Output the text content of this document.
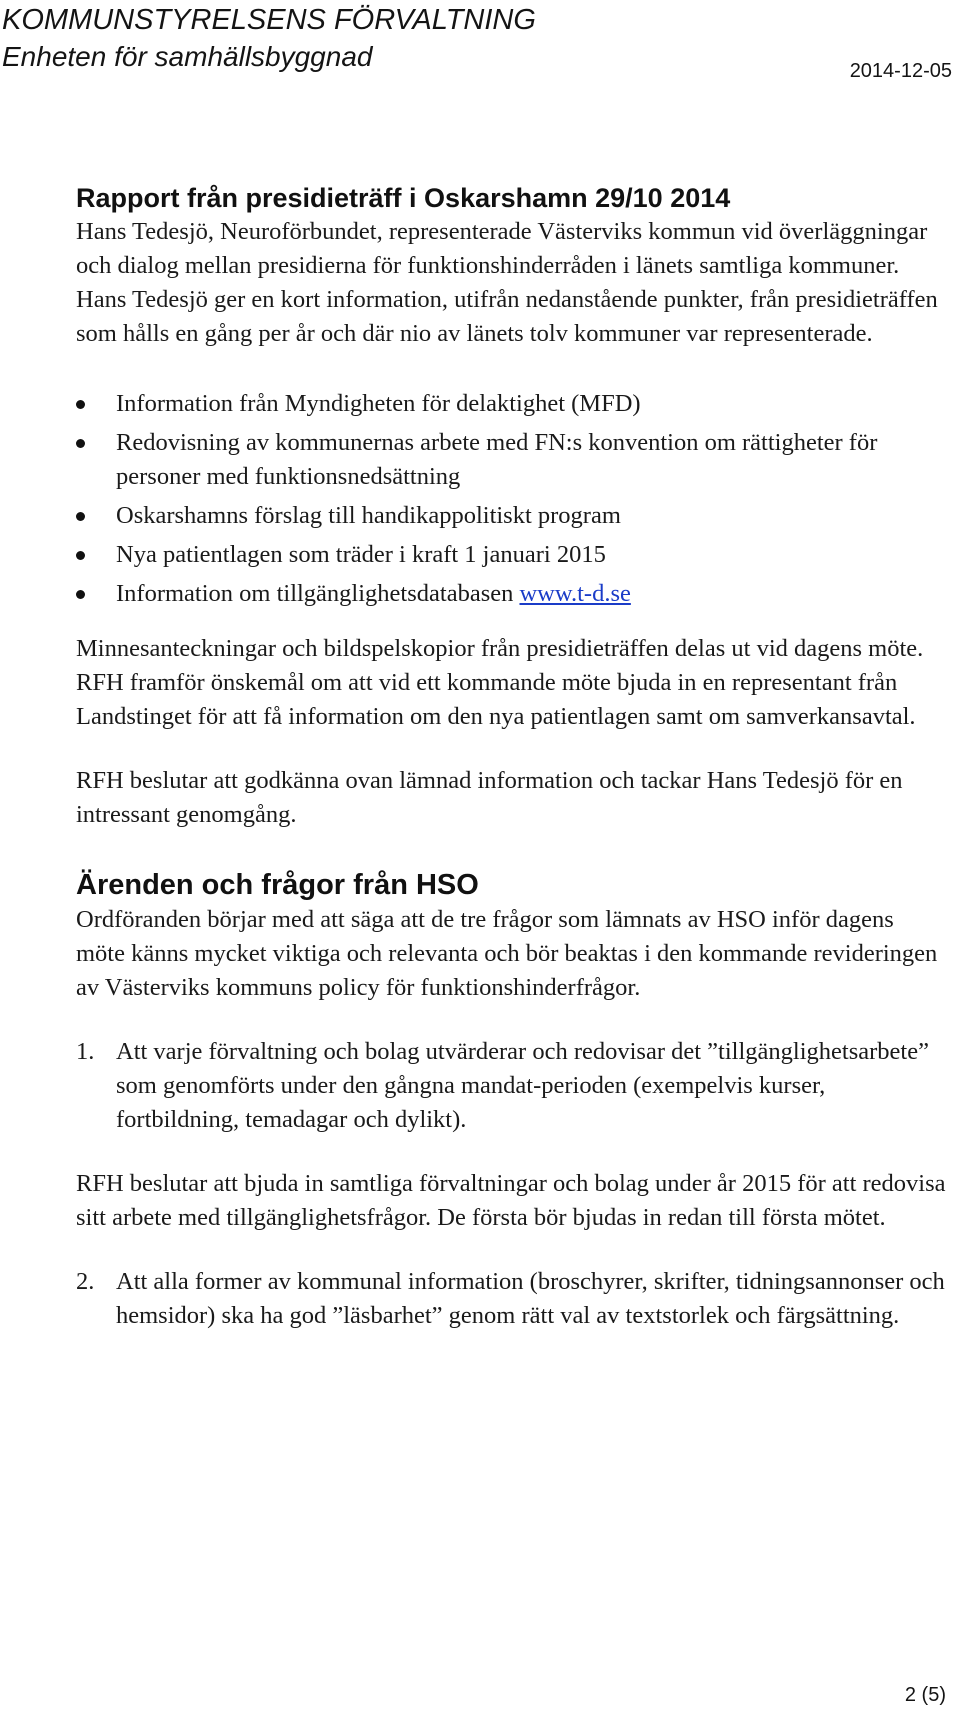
KOMMUNSTYRELSENS FÖRVALTNING
Enheten för samhällsbyggnad	2014-12-05
Rapport från presidieträff i Oskarshamn 29/10 2014

Hans Tedesjö, Neuroförbundet, representerade Västerviks kommun vid överläggningar och dialog mellan presidierna för funktionshinderråden i länets samtliga kommuner. Hans Tedesjö ger en kort information, utifrån nedanstående punkter, från presidieträffen som hålls en gång per år och där nio av länets tolv kommuner var representerade.

Information från Myndigheten för delaktighet (MFD)
Redovisning av kommunernas arbete med FN:s konvention om rättigheter för personer med funktionsnedsättning
Oskarshamns förslag till handikappolitiskt program
Nya patientlagen som träder i kraft 1 januari 2015
Information om tillgänglighetsdatabasen www.t-d.se

Minnesanteckningar och bildspelskopior från presidieträffen delas ut vid dagens möte. RFH framför önskemål om att vid ett kommande möte bjuda in en representant från Landstinget för att få information om den nya patientlagen samt om samverkansavtal.

RFH beslutar att godkänna ovan lämnad information och tackar Hans Tedesjö för en intressant genomgång.

Ärenden och frågor från HSO

Ordföranden börjar med att säga att de tre frågor som lämnats av HSO inför dagens möte känns mycket viktiga och relevanta och bör beaktas i den kommande revideringen av Västerviks kommuns policy för funktionshinderfrågor.

1. Att varje förvaltning och bolag utvärderar och redovisar det ”tillgänglighetsarbete” som genomförts under den gångna mandat-perioden (exempelvis kurser, fortbildning, temadagar och dylikt).

RFH beslutar att bjuda in samtliga förvaltningar och bolag under år 2015 för att redovisa sitt arbete med tillgänglighetsfrågor. De första bör bjudas in redan till första mötet.

2. Att alla former av kommunal information (broschyrer, skrifter, tidningsannonser och hemsidor) ska ha god ”läsbarhet” genom rätt val av textstorlek och färgsättning.

2 (5)
